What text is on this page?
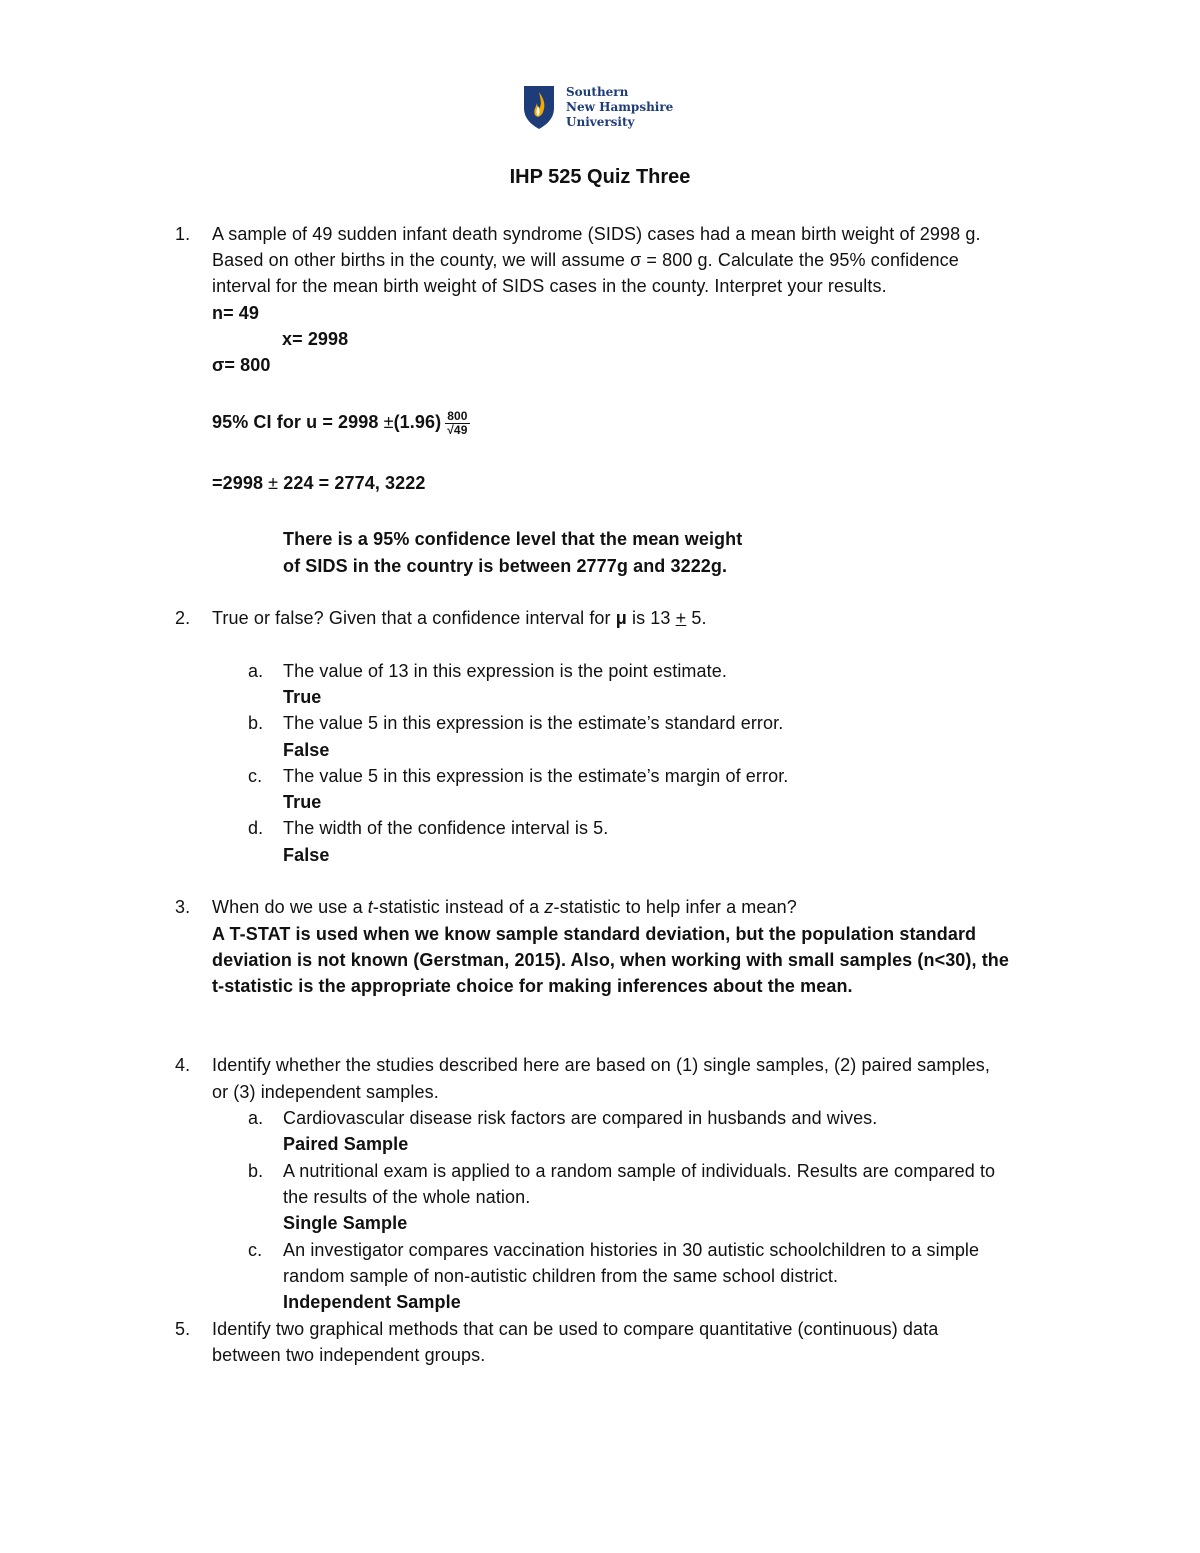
Southern
New Hampshire
University
IHP 525 Quiz Three
1. A sample of 49 sudden infant death syndrome (SIDS) cases had a mean birth weight of 2998 g.
Based on other births in the county, we will assume σ = 800 g. Calculate the 95% confidence
interval for the mean birth weight of SIDS cases in the county. Interpret your results.
n= 49
x= 2998
σ= 800
95% CI for $u = 2998 \pm(1.96) \frac{800}{√49}$
=2998 ± 224 = 2774, 3222
There is a 95% confidence level that the mean weight
of SIDS in the country is between 2777g and 3222g.
2. True or false? Given that a confidence interval for μ is 13 + 5.
a. The value of 13 in this expression is the point estimate.
True
b. The value 5 in this expression is the estimate’s standard error.
False
c. The value 5 in this expression is the estimate’s margin of error.
True
d. The width of the confidence interval is 5.
False
3. When do we use a t-statistic instead of a z-statistic to help infer a mean?
A T-STAT is used when we know sample standard deviation, but the population standard
deviation is not known (Gerstman, 2015). Also, when working with small samples (n<30), the
t-statistic is the appropriate choice for making inferences about the mean.
4. Identify whether the studies described here are based on (1) single samples, (2) paired samples,
or (3) independent samples.
a. Cardiovascular disease risk factors are compared in husbands and wives.
Paired Sample
b. A nutritional exam is applied to a random sample of individuals. Results are compared to
the results of the whole nation.
Single Sample
c. An investigator compares vaccination histories in 30 autistic schoolchildren to a simple
random sample of non-autistic children from the same school district.
Independent Sample
5. Identify two graphical methods that can be used to compare quantitative (continuous) data
between two independent groups.
